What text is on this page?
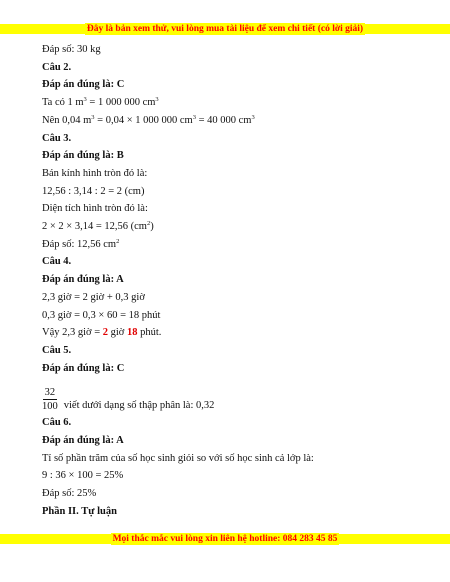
Đây là bản xem thử, vui lòng mua tài liệu để xem chi tiết (có lời giải)
Đáp số: 30 kg
Câu 2.
Đáp án đúng là: C
Ta có 1 $m^3 = 1$ 000 000 $cm^3$
Nên 0,04 $m^3 = 0,04 \times 1$ 000 000 $cm^3 = 40$ 000 $cm^3$
Câu 3.
Đáp án đúng là: B
Bán kính hình tròn đó là:
12,56 : 3,14 : 2 = 2 (cm)
Diện tích hình tròn đó là:
2 × 2 × 3,14 = 12,56 $(cm^2)$
Đáp số: 12,56 $cm^2$
Câu 4.
Đáp án đúng là: A
2,3 giờ = 2 giờ + 0,3 giờ
0,3 giờ = 0,3 × 60 = 18 phút
Vậy 2,3 giờ = 2 giờ 18 phút.
Câu 5.
Đáp án đúng là: C
$\frac{32}{100}$ viết dưới dạng số thập phân là: 0,32
Câu 6.
Đáp án đúng là: A
Tỉ số phần trăm của số học sinh giỏi so với số học sinh cả lớp là:
9 : 36 × 100 = 25%
Đáp số: 25%
Phần II. Tự luận
Mọi thắc mắc vui lòng xin liên hệ hotline: 084 283 45 85
